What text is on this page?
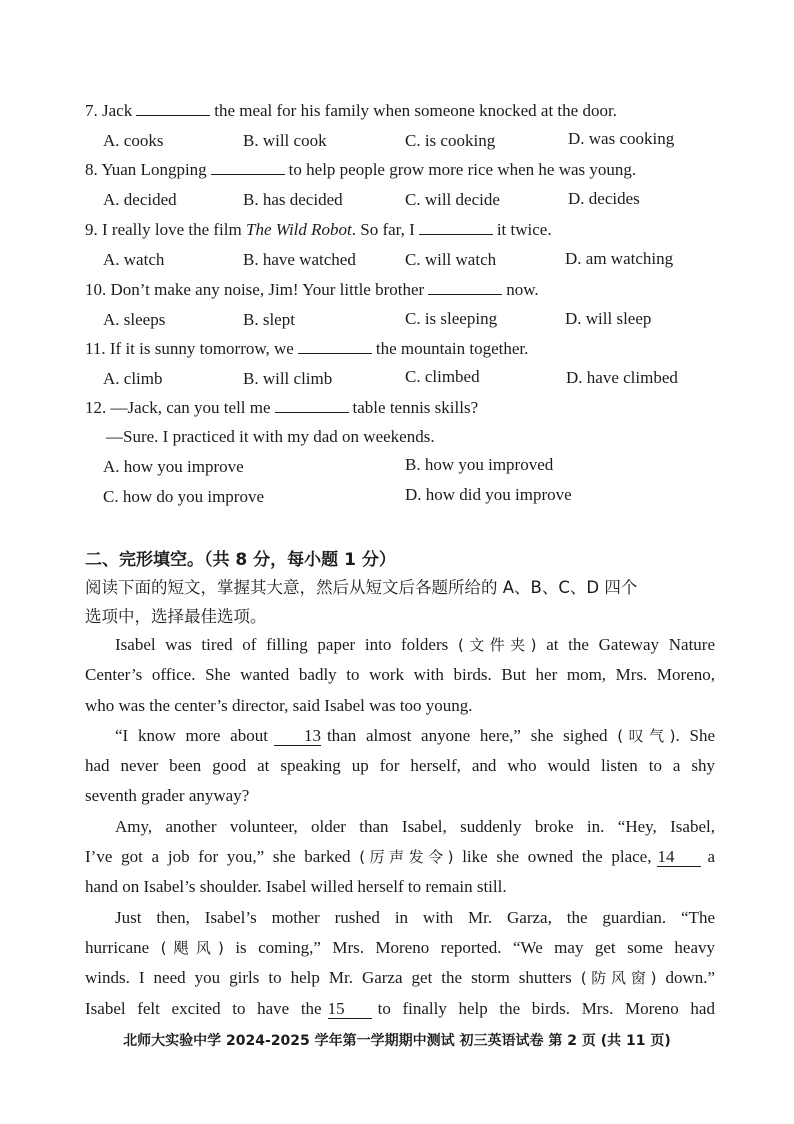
7. Jack	the meal for his family when someone knocked at the door.
A. cooks	B. will cook	C. is cooking	D. was cooking
8. Yuan Longping	to help people grow more rice when he was young.
A. decided	B. has decided	C. will decide	D. decides
9. I really love the film The Wild Robot. So far, I	it twice.
A. watch	B. have watched	C. will watch	D. am watching
10. Don’t make any noise, Jim! Your little brother	now.
A. sleeps	B. slept	C. is sleeping	D. will sleep
11. If it is sunny tomorrow, we	the mountain together.
A. climb	B. will climb	C. climbed	D. have climbed
12. —Jack, can you tell me	table tennis skills?
—Sure. I practiced it with my dad on weekends.
A. how you improve	B. how you improved
C. how do you improve	D. how did you improve
二、完形填空。（共 8 分，每小题 1 分）
阅读下面的短文，掌握其大意，然后从短文后各题所给的 A、B、C、D 四个
选项中，选择最佳选项。
Isabel was tired of filling paper into folders (文件夹) at the Gateway Nature
Center’s office. She wanted badly to work with birds. But her mom, Mrs. Moreno,
who was the center’s director, said Isabel was too young.
“I know more about 13 than almost anyone here,” she sighed (叹气). She
had never been good at speaking up for herself, and who would listen to a shy
seventh grader anyway?
Amy, another volunteer, older than Isabel, suddenly broke in. “Hey, Isabel,
I’ve got a job for you,” she barked (厉声发令) like she owned the place, 14 a
hand on Isabel’s shoulder. Isabel willed herself to remain still.
Just then, Isabel’s mother rushed in with Mr. Garza, the guardian. “The
hurricane (飓风) is coming,” Mrs. Moreno reported. “We may get some heavy
winds. I need you girls to help Mr. Garza get the storm shutters (防风窗) down.”
Isabel felt excited to have the 15 to finally help the birds. Mrs. Moreno had
北师大实验中学 2024-2025 学年第一学期期中测试 初三英语试卷 第 2 页 (共 11 页)
